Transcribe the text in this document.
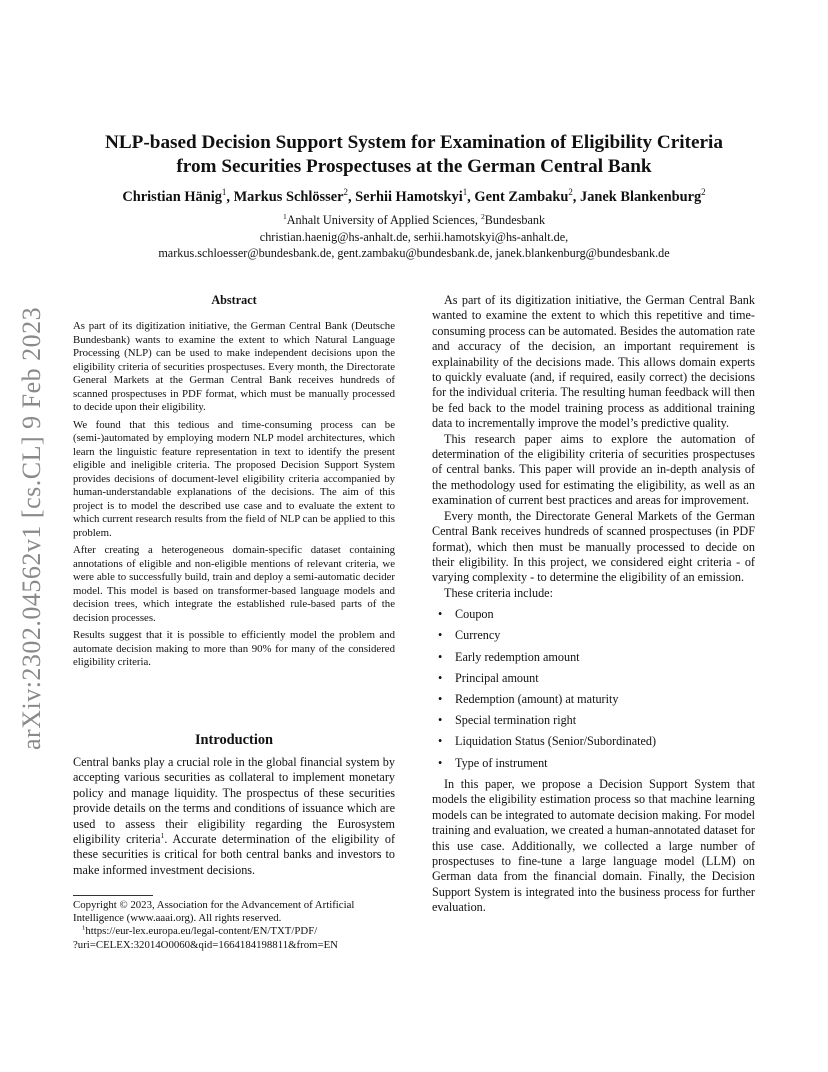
arXiv:2302.04562v1 [cs.CL] 9 Feb 2023
NLP-based Decision Support System for Examination of Eligibility Criteria
from Securities Prospectuses at the German Central Bank
Christian Hänig$^1$, Markus Schlösser$^2$, Serhii Hamotskyi$^1$, Gent Zambaku$^2$, Janek Blankenburg$^2$
$^1$Anhalt University of Applied Sciences, $^2$Bundesbank
christian.haenig@hs-anhalt.de, serhii.hamotskyi@hs-anhalt.de,
markus.schloesser@bundesbank.de, gent.zambaku@bundesbank.de, janek.blankenburg@bundesbank.de
Abstract

As part of its digitization initiative, the German Central Bank (Deutsche Bundesbank) wants to examine the extent to which Natural Language Processing (NLP) can be used to make independent decisions upon the eligibility criteria of securities prospectuses. Every month, the Directorate General Markets at the German Central Bank receives hundreds of scanned prospectuses in PDF format, which must be manually processed to decide upon their eligibility.

We found that this tedious and time-consuming process can be (semi-)automated by employing modern NLP model architectures, which learn the linguistic feature representation in text to identify the present eligible and ineligible criteria. The proposed Decision Support System provides decisions of document-level eligibility criteria accompanied by human-understandable explanations of the decisions. The aim of this project is to model the described use case and to evaluate the extent to which current research results from the field of NLP can be applied to this problem.

After creating a heterogeneous domain-specific dataset containing annotations of eligible and non-eligible mentions of relevant criteria, we were able to successfully build, train and deploy a semi-automatic decider model. This model is based on transformer-based language models and decision trees, which integrate the established rule-based parts of the decision processes.

Results suggest that it is possible to efficiently model the problem and automate decision making to more than 90% for many of the considered eligibility criteria.

Introduction

Central banks play a crucial role in the global financial system by accepting various securities as collateral to implement monetary policy and manage liquidity. The prospectus of these securities provide details on the terms and conditions of issuance which are used to assess their eligibility regarding the Eurosystem eligibility criteria$^1$. Accurate determination of the eligibility of these securities is critical for both central banks and investors to make informed investment decisions.

Copyright © 2023, Association for the Advancement of Artificial Intelligence (www.aaai.org). All rights reserved.

$^1$https://eur-lex.europa.eu/legal-content/EN/TXT/PDF/

?uri=CELEX:32014O0060&qid=1664184198811&from=EN

As part of its digitization initiative, the German Central Bank wanted to examine the extent to which this repetitive and time-consuming process can be automated. Besides the automation rate and accuracy of the decision, an important requirement is explainability of the decisions made. This allows domain experts to quickly evaluate (and, if required, easily correct) the decisions for the individual criteria. The resulting human feedback will then be fed back to the model training process as additional training data to incrementally improve the model’s predictive quality.

This research paper aims to explore the automation of determination of the eligibility criteria of securities prospectuses of central banks. This paper will provide an in-depth analysis of the methodology used for estimating the eligibility, as well as an examination of current best practices and areas for improvement.

Every month, the Directorate General Markets of the German Central Bank receives hundreds of scanned prospectuses (in PDF format), which then must be manually processed to decide on their eligibility. In this project, we considered eight criteria - of varying complexity - to determine the eligibility of an emission.

These criteria include:

• Coupon
• Currency
• Early redemption amount
• Principal amount
• Redemption (amount) at maturity
• Special termination right
• Liquidation Status (Senior/Subordinated)
• Type of instrument

In this paper, we propose a Decision Support System that models the eligibility estimation process so that machine learning models can be integrated to automate decision making. For model training and evaluation, we created a human-annotated dataset for this use case. Additionally, we collected a large number of prospectuses to fine-tune a large language model (LLM) on German data from the financial domain. Finally, the Decision Support System is integrated into the business process for further evaluation.
